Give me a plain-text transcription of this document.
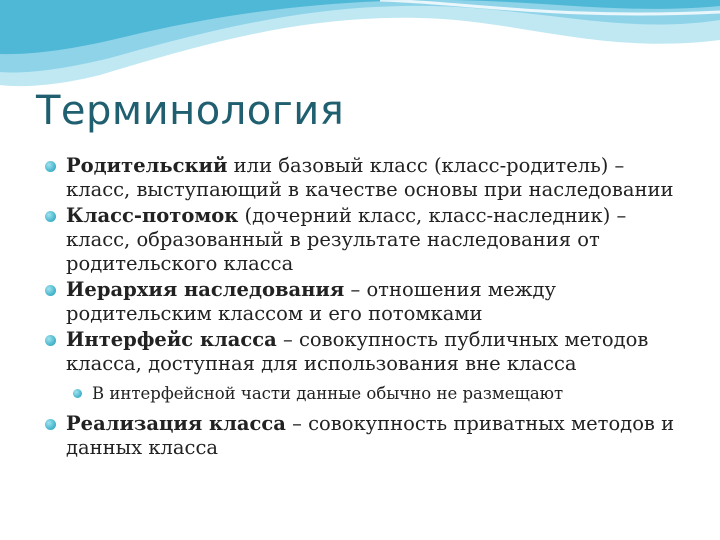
Терминология
Родительский или базовый класс (класс-родитель) – класс, выступающий в качестве основы при наследовании
Класс-потомок (дочерний класс, класс-наследник) – класс, образованный в результате наследования от родительского класса
Иерархия наследования – отношения между родительским классом и его потомками
Интерфейс класса – совокупность публичных методов класса, доступная для использования вне класса
В интерфейсной части данные обычно не размещают
Реализация класса – совокупность приватных методов и данных класса
